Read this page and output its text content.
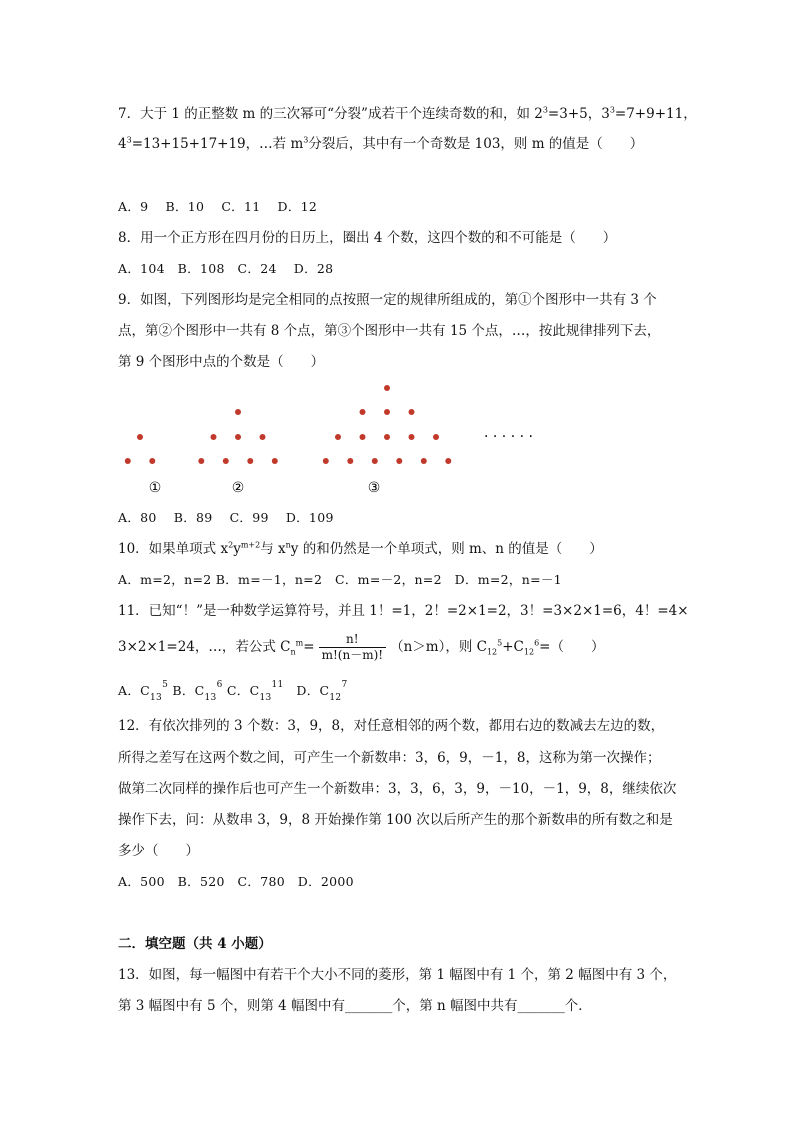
7．大于 1 的正整数 m 的三次幂可“分裂”成若干个连续奇数的和，如 $2^3=3+5$，$3^3=7+9+11$，
$4^3=13+15+17+19$，…若 $m^3$分裂后，其中有一个奇数是 103，则 m 的值是（　　）
A．9　 B．10　 C．11　 D．12
8．用一个正方形在四月份的日历上，圈出 4 个数，这四个数的和不可能是（　　）
A．104　B．108　C．24　 D．28
9．如图，下列图形均是完全相同的点按照一定的规律所组成的，第①个图形中一共有 3 个
点，第②个图形中一共有 8 个点，第③个图形中一共有 15 个点，…，按此规律排列下去，
第 9 个图形中点的个数是（　　）
①	②	③
· · · · · ·
A．80　 B．89　 C．99　 D．109
10．如果单项式 $x^2y^{m+2}$与 $x^ny$ 的和仍然是一个单项式，则 m、n 的值是（　　）
A．m=2，n=2 B．m=－1，n=2　C．m=－2，n=2　D．m=2，n=－1
11．已知“！”是一种数学运算符号，并且 1！=1，2！=2×1=2，3！=3×2×1=6，4！=4×
3×2×1=24，…，若公式 $C_n^m= \frac{n!}{m!(n-m)!} (n>m)$，则 $C_{12}^5+C_{12}^6=$（　　）
A．$C_{13}^5$ B．$C_{13}^6$ C．$C_{13}^{11}$ D．$C_{12}^7$
12．有依次排列的 3 个数：3，9，8，对任意相邻的两个数，都用右边的数减去左边的数，
所得之差写在这两个数之间，可产生一个新数串：3，6，9，－1，8，这称为第一次操作；
做第二次同样的操作后也可产生一个新数串：3，3，6，3，9，－10，－1，9，8，继续依次
操作下去，问：从数串 3，9，8 开始操作第 100 次以后所产生的那个新数串的所有数之和是
多少（　　）
A．500　B．520　C．780　D．2000
二．填空题（共 4 小题）
13．如图，每一幅图中有若干个大小不同的菱形，第 1 幅图中有 1 个，第 2 幅图中有 3 个，
第 3 幅图中有 5 个，则第 4 幅图中有_______个，第 n 幅图中共有_______个．
